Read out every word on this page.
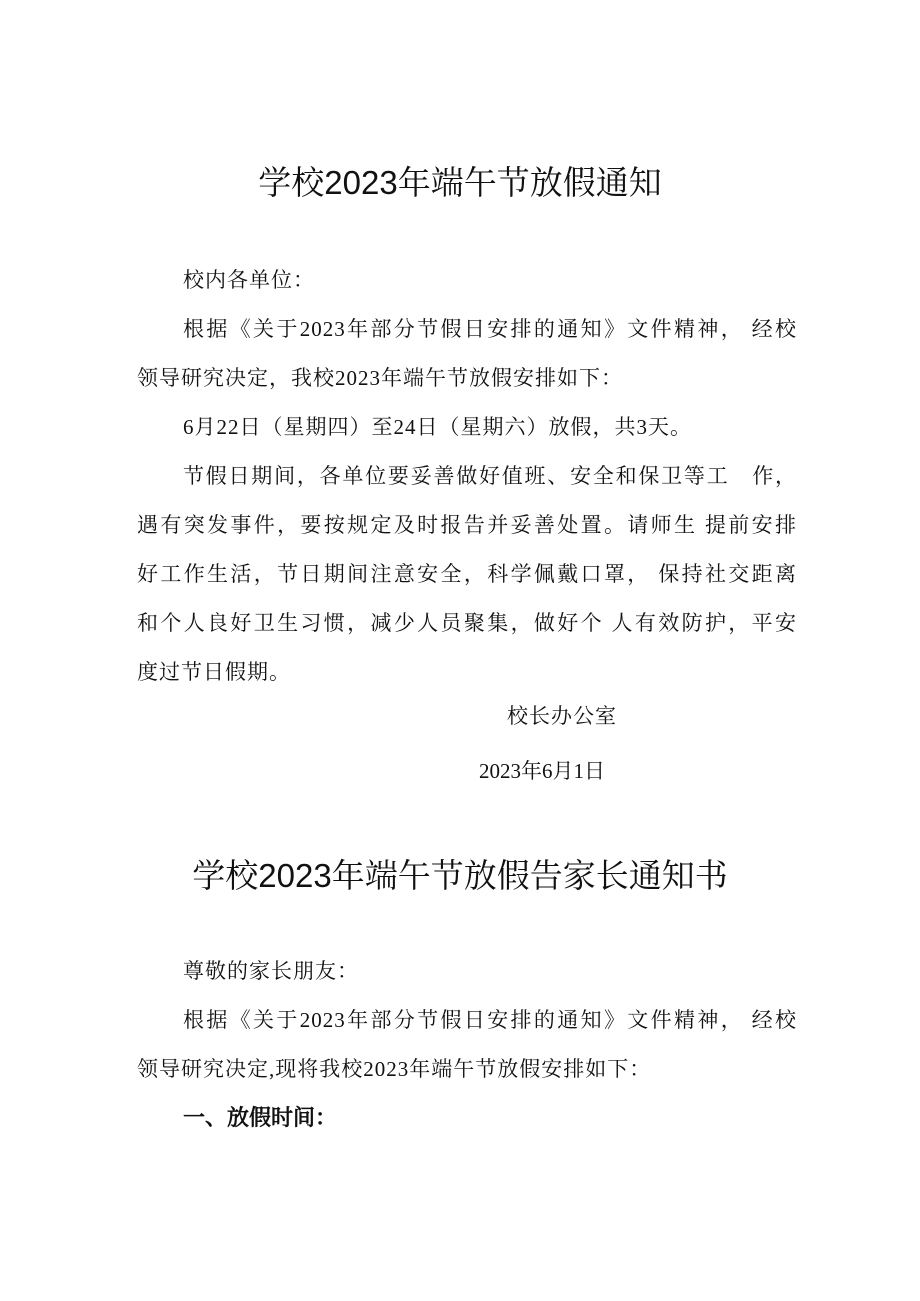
学校2023年端午节放假通知

校内各单位：

根据《关于2023年部分节假日安排的通知》文件精神， 经校
领导研究决定，我校2023年端午节放假安排如下：

6月22日（星期四）至24日（星期六）放假，共3天。

节假日期间，各单位要妥善做好值班、安全和保卫等工　作，
遇有突发事件，要按规定及时报告并妥善处置。请师生 提前安排
好工作生活，节日期间注意安全，科学佩戴口罩， 保持社交距离
和个人良好卫生习惯，减少人员聚集，做好个 人有效防护，平安
度过节日假期。
校长办公室
2023年6月1日
学校2023年端午节放假告家长通知书

尊敬的家长朋友：

根据《关于2023年部分节假日安排的通知》文件精神， 经校
领导研究决定,现将我校2023年端午节放假安排如下：
一、放假时间：
